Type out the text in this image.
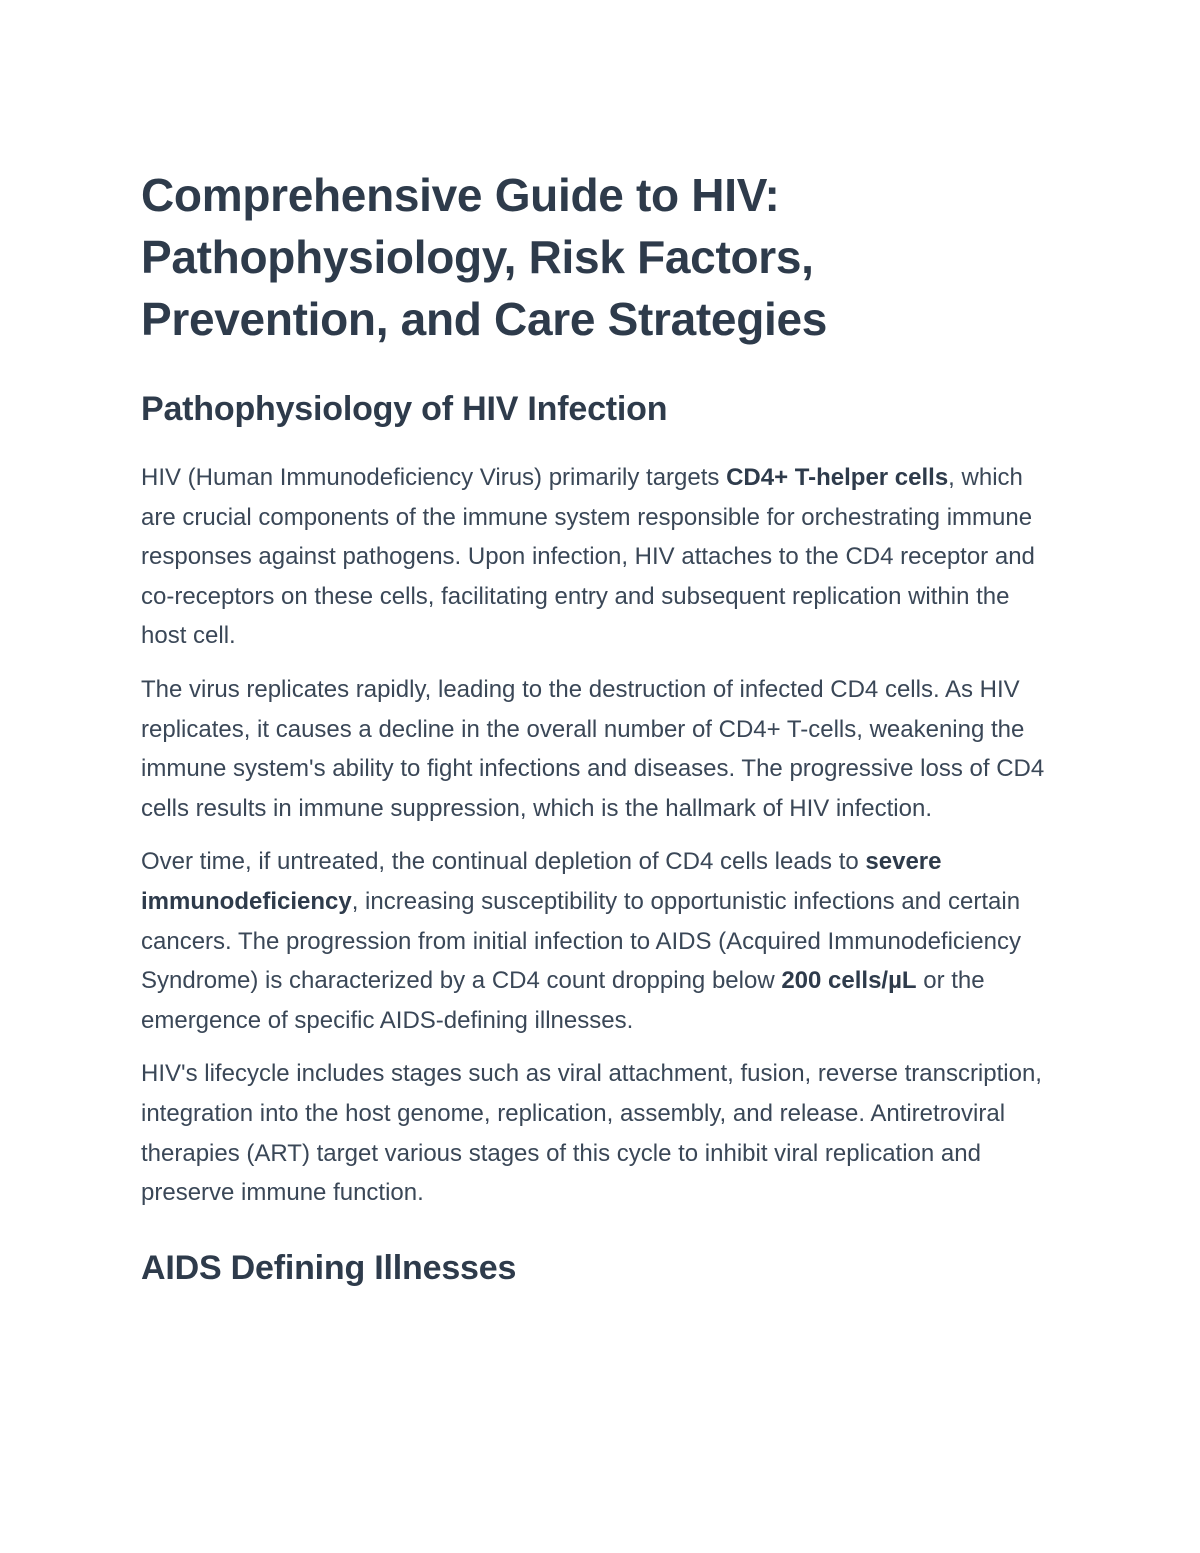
Comprehensive Guide to HIV: Pathophysiology, Risk Factors, Prevention, and Care Strategies
Pathophysiology of HIV Infection

HIV (Human Immunodeficiency Virus) primarily targets CD4+ T-helper cells, which are crucial components of the immune system responsible for orchestrating immune responses against pathogens. Upon infection, HIV attaches to the CD4 receptor and co-receptors on these cells, facilitating entry and subsequent replication within the host cell.

The virus replicates rapidly, leading to the destruction of infected CD4 cells. As HIV replicates, it causes a decline in the overall number of CD4+ T-cells, weakening the immune system's ability to fight infections and diseases. The progressive loss of CD4 cells results in immune suppression, which is the hallmark of HIV infection.

Over time, if untreated, the continual depletion of CD4 cells leads to severe immunodeficiency, increasing susceptibility to opportunistic infections and certain cancers. The progression from initial infection to AIDS (Acquired Immunodeficiency Syndrome) is characterized by a CD4 count dropping below 200 cells/µL or the emergence of specific AIDS-defining illnesses.

HIV's lifecycle includes stages such as viral attachment, fusion, reverse transcription, integration into the host genome, replication, assembly, and release. Antiretroviral therapies (ART) target various stages of this cycle to inhibit viral replication and preserve immune function.

AIDS Defining Illnesses
